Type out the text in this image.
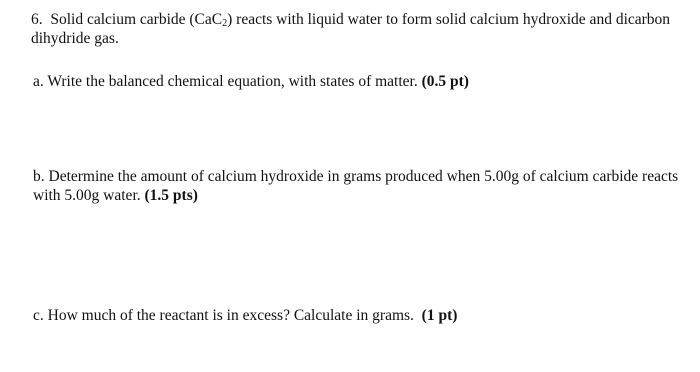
6. Solid calcium carbide (CaC$_2$) reacts with liquid water to form solid calcium hydroxide and dicarbon dihydride gas.
a. Write the balanced chemical equation, with states of matter. (0.5 pt)
b. Determine the amount of calcium hydroxide in grams produced when 5.00g of calcium carbide reacts with 5.00g water. (1.5 pts)
c. How much of the reactant is in excess? Calculate in grams. (1 pt)
